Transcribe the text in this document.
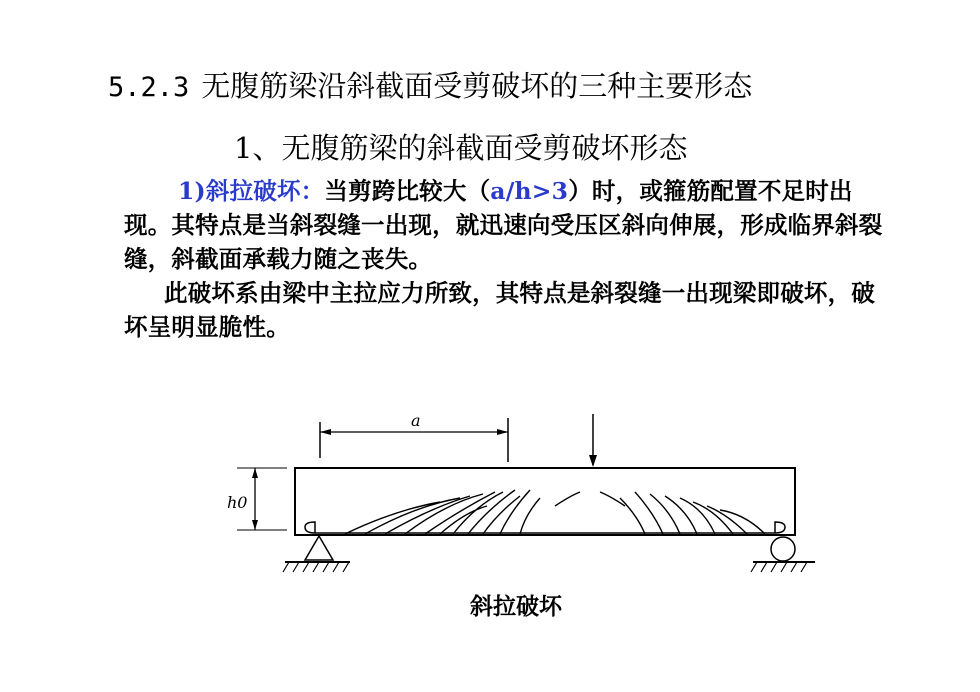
5.2.3 无腹筋梁沿斜截面受剪破坏的三种主要形态
1、无腹筋梁的斜截面受剪破坏形态
1)斜拉破坏：当剪跨比较大（a/h>3）时，或箍筋配置不足时出现。其特点是当斜裂缝一出现，就迅速向受压区斜向伸展，形成临界斜裂缝，斜截面承载力随之丧失。
此破坏系由梁中主拉应力所致，其特点是斜裂缝一出现梁即破坏，破坏呈明显脆性。
a
h0
斜拉破坏
